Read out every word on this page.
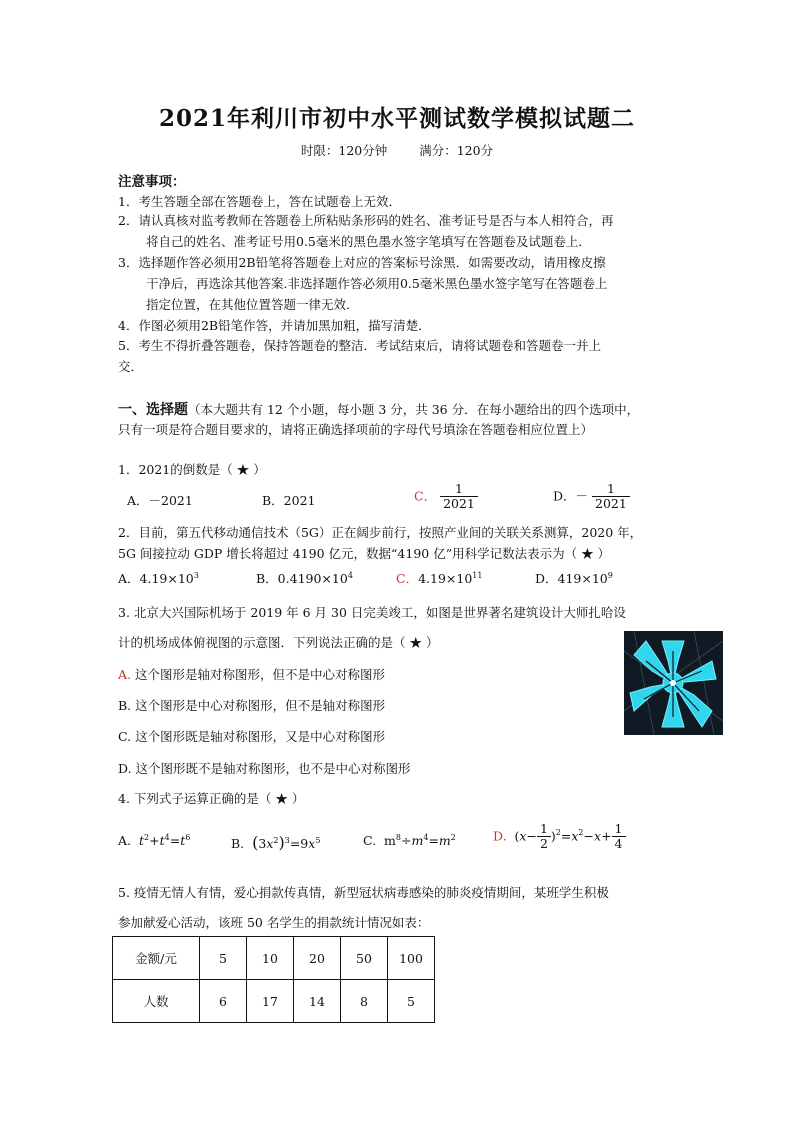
2021年利川市初中水平测试数学模拟试题二
时限：120分钟	满分：120分
注意事项：
1．考生答题全部在答题卷上，答在试题卷上无效．
2．请认真核对监考教师在答题卷上所粘贴条形码的姓名、准考证号是否与本人相符合，再
将自己的姓名、准考证号用0.5毫米的黑色墨水签字笔填写在答题卷及试题卷上．
3．选择题作答必须用2B铅笔将答题卷上对应的答案标号涂黑．如需要改动，请用橡皮擦
干净后，再选涂其他答案.非选择题作答必须用0.5毫米黑色墨水签字笔写在答题卷上
指定位置，在其他位置答题一律无效．
4．作图必须用2B铅笔作答，并请加黑加粗，描写清楚．
5．考生不得折叠答题卷，保持答题卷的整洁．考试结束后，请将试题卷和答题卷一并上
交．
一、选择题（本大题共有 12 个小题，每小题 3 分，共 36 分．在每小题给出的四个选项中，
只有一项是符合题目要求的，请将正确选择项前的字母代号填涂在答题卷相应位置上）
1．2021的倒数是（ ★ ）
A．－2021	B．2021	C． $\frac{1}{2021}$	D．－ $\frac{1}{2021}$
2．目前，第五代移动通信技术（5G）正在阔步前行，按照产业间的关联关系测算，2020 年，
5G 间接拉动 GDP 增长将超过 4190 亿元，数据“4190 亿”用科学记数法表示为（ ★ ）
A．$4.19\times 10^3$	B．$0.4190\times 10^4$	C．$4.19\times 10^{11}$	D．$419\times 10^9$
3. 北京大兴国际机场于 2019 年 6 月 30 日完美竣工，如图是世界著名建筑设计大师扎哈设
计的机场成体俯视图的示意图．下列说法正确的是（ ★ ）
A. 这个图形是轴对称图形，但不是中心对称图形
B. 这个图形是中心对称图形，但不是轴对称图形
C. 这个图形既是轴对称图形，又是中心对称图形
D. 这个图形既不是轴对称图形，也不是中心对称图形
4. 下列式子运算正确的是（ ★ ）
A. $t^2+t^4=t^6$	B. $(3x^2)^3=9x^5$	C.  $m^8\div m^4=m^2$	D.  $(x- \frac{1}{2} )^2=x^2-x+ \frac{1}{4}$
5. 疫情无情人有情，爱心捐款传真情，新型冠状病毒感染的肺炎疫情期间，某班学生积极
参加献爱心活动，该班 50 名学生的捐款统计情况如表：
金额/元	5	10	20	50	100
人数	6	17	14	8	5
